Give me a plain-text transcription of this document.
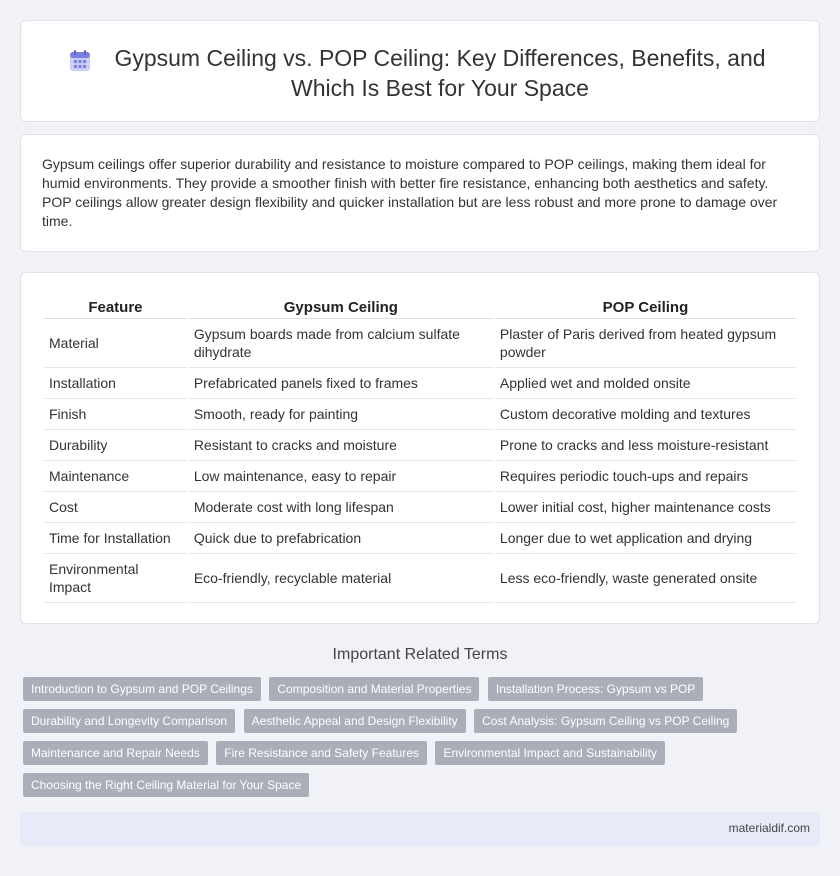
Gypsum Ceiling vs. POP Ceiling: Key Differences, Benefits, and Which Is Best for Your Space

Gypsum ceilings offer superior durability and resistance to moisture compared to POP ceilings, making them ideal for humid environments. They provide a smoother finish with better fire resistance, enhancing both aesthetics and safety. POP ceilings allow greater design flexibility and quicker installation but are less robust and more prone to damage over time.

Feature	Gypsum Ceiling	POP Ceiling
Material	Gypsum boards made from calcium sulfate dihydrate	Plaster of Paris derived from heated gypsum powder
Installation	Prefabricated panels fixed to frames	Applied wet and molded onsite
Finish	Smooth, ready for painting	Custom decorative molding and textures
Durability	Resistant to cracks and moisture	Prone to cracks and less moisture-resistant
Maintenance	Low maintenance, easy to repair	Requires periodic touch-ups and repairs
Cost	Moderate cost with long lifespan	Lower initial cost, higher maintenance costs
Time for Installation	Quick due to prefabrication	Longer due to wet application and drying
Environmental Impact	Eco-friendly, recyclable material	Less eco-friendly, waste generated onsite
Important Related Terms
Introduction to Gypsum and POP Ceilings Composition and Material Properties Installation Process: Gypsum vs POP Durability and Longevity Comparison Aesthetic Appeal and Design Flexibility Cost Analysis: Gypsum Ceiling vs POP Ceiling Maintenance and Repair Needs Fire Resistance and Safety Features Environmental Impact and Sustainability Choosing the Right Ceiling Material for Your Space
materialdif.com
